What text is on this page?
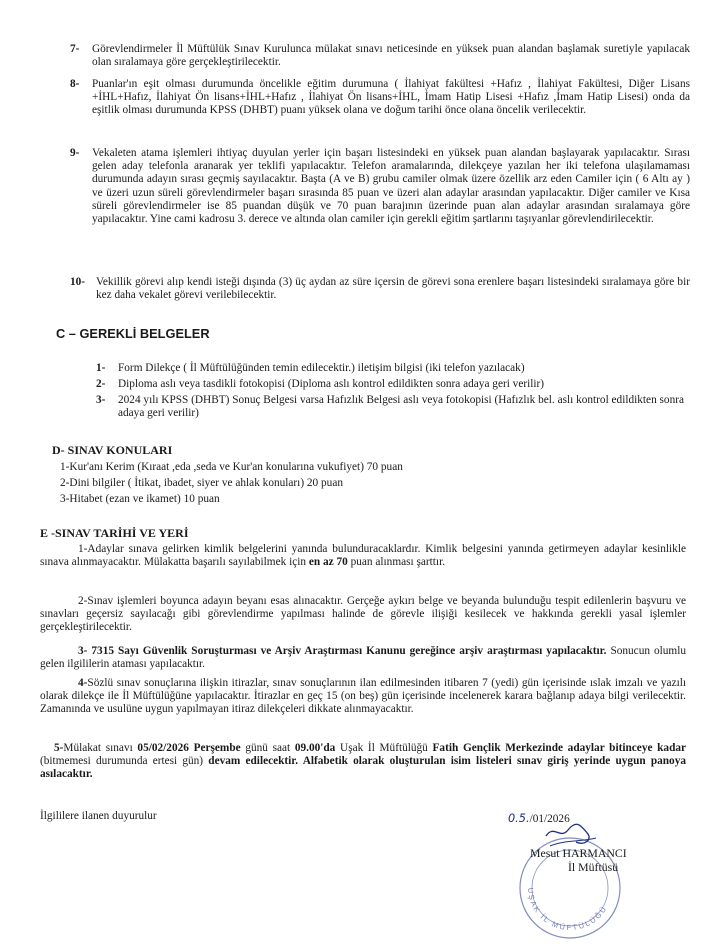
7- Görevlendirmeler İl Müftülük Sınav Kurulunca mülakat sınavı neticesinde en yüksek puan alandan başlamak suretiyle yapılacak olan sıralamaya göre gerçekleştirilecektir.
8- Puanlar'ın eşit olması durumunda öncelikle eğitim durumuna ( İlahiyat fakültesi +Hafız , İlahiyat Fakültesi, Diğer Lisans +İHL+Hafız, İlahiyat Ön lisans+İHL+Hafız , İlahiyat Ön lisans+İHL, İmam Hatip Lisesi +Hafız ,İmam Hatip Lisesi) onda da eşitlik olması durumunda KPSS (DHBT) puanı yüksek olana ve doğum tarihi önce olana öncelik verilecektir.
9- Vekaleten atama işlemleri ihtiyaç duyulan yerler için başarı listesindeki en yüksek puan alandan başlayarak yapılacaktır. Sırası gelen aday telefonla aranarak yer teklifi yapılacaktır. Telefon aramalarında, dilekçeye yazılan her iki telefona ulaşılamaması durumunda adayın sırası geçmiş sayılacaktır. Başta (A ve B) grubu camiler olmak üzere özellik arz eden Camiler için ( 6 Altı ay ) ve üzeri uzun süreli görevlendirmeler başarı sırasında 85 puan ve üzeri alan adaylar arasından yapılacaktır. Diğer camiler ve Kısa süreli görevlendirmeler ise 85 puandan düşük ve 70 puan barajının üzerinde puan alan adaylar arasından sıralamaya göre yapılacaktır. Yine cami kadrosu 3. derece ve altında olan camiler için gerekli eğitim şartlarını taşıyanlar görevlendirilecektir.
10- Vekillik görevi alıp kendi isteği dışında (3) üç aydan az süre içersin de görevi sona erenlere başarı listesindeki sıralamaya göre bir kez daha vekalet görevi verilebilecektir.
C – GEREKLİ BELGELER
1- Form Dilekçe ( İl Müftülüğünden temin edilecektir.) iletişim bilgisi (iki telefon yazılacak)
2- Diploma aslı veya tasdikli fotokopisi (Diploma aslı kontrol edildikten sonra adaya geri verilir)
3- 2024 yılı KPSS (DHBT) Sonuç Belgesi varsa Hafızlık Belgesi aslı veya fotokopisi (Hafızlık bel. aslı kontrol edildikten sonra adaya geri verilir)
D- SINAV KONULARI
1-Kur'anı Kerim (Kıraat ,eda ,seda ve Kur'an konularına vukufiyet) 70 puan
2-Dini bilgiler ( İtikat, ibadet, siyer ve ahlak konuları) 20 puan
3-Hitabet (ezan ve ikamet) 10 puan
E -SINAV TARİHİ VE YERİ
1-Adaylar sınava gelirken kimlik belgelerini yanında bulunduracaklardır. Kimlik belgesini yanında getirmeyen adaylar kesinlikle sınava alınmayacaktır. Mülakatta başarılı sayılabilmek için en az 70 puan alınması şarttır.
2-Sınav işlemleri boyunca adayın beyanı esas alınacaktır. Gerçeğe aykırı belge ve beyanda bulunduğu tespit edilenlerin başvuru ve sınavları geçersiz sayılacağı gibi görevlendirme yapılması halinde de görevle ilişiği kesilecek ve hakkında gerekli yasal işlemler gerçekleştirilecektir.
3- 7315 Sayı Güvenlik Soruşturması ve Arşiv Araştırması Kanunu gereğince arşiv araştırması yapılacaktır. Sonucun olumlu gelen ilgililerin ataması yapılacaktır.
4-Sözlü sınav sonuçlarına ilişkin itirazlar, sınav sonuçlarının ilan edilmesinden itibaren 7 (yedi) gün içerisinde ıslak imzalı ve yazılı olarak dilekçe ile İl Müftülüğüne yapılacaktır. İtirazlar en geç 15 (on beş) gün içerisinde incelenerek karara bağlanıp adaya bilgi verilecektir. Zamanında ve usulüne uygun yapılmayan itiraz dilekçeleri dikkate alınmayacaktır.
5-Mülakat sınavı 05/02/2026 Perşembe günü saat 09.00'da Uşak İl Müftülüğü Fatih Gençlik Merkezinde adaylar bitinceye kadar (bitmemesi durumunda ertesi gün) devam edilecektir. Alfabetik olarak oluşturulan isim listeleri sınav giriş yerinde uygun panoya asılacaktır.
İlgililere ilanen duyurulur
UŞAK İL MÜFTÜLÜĞÜ
0.5./01/2026
Mesut HARMANCI
İl Müftüsü
